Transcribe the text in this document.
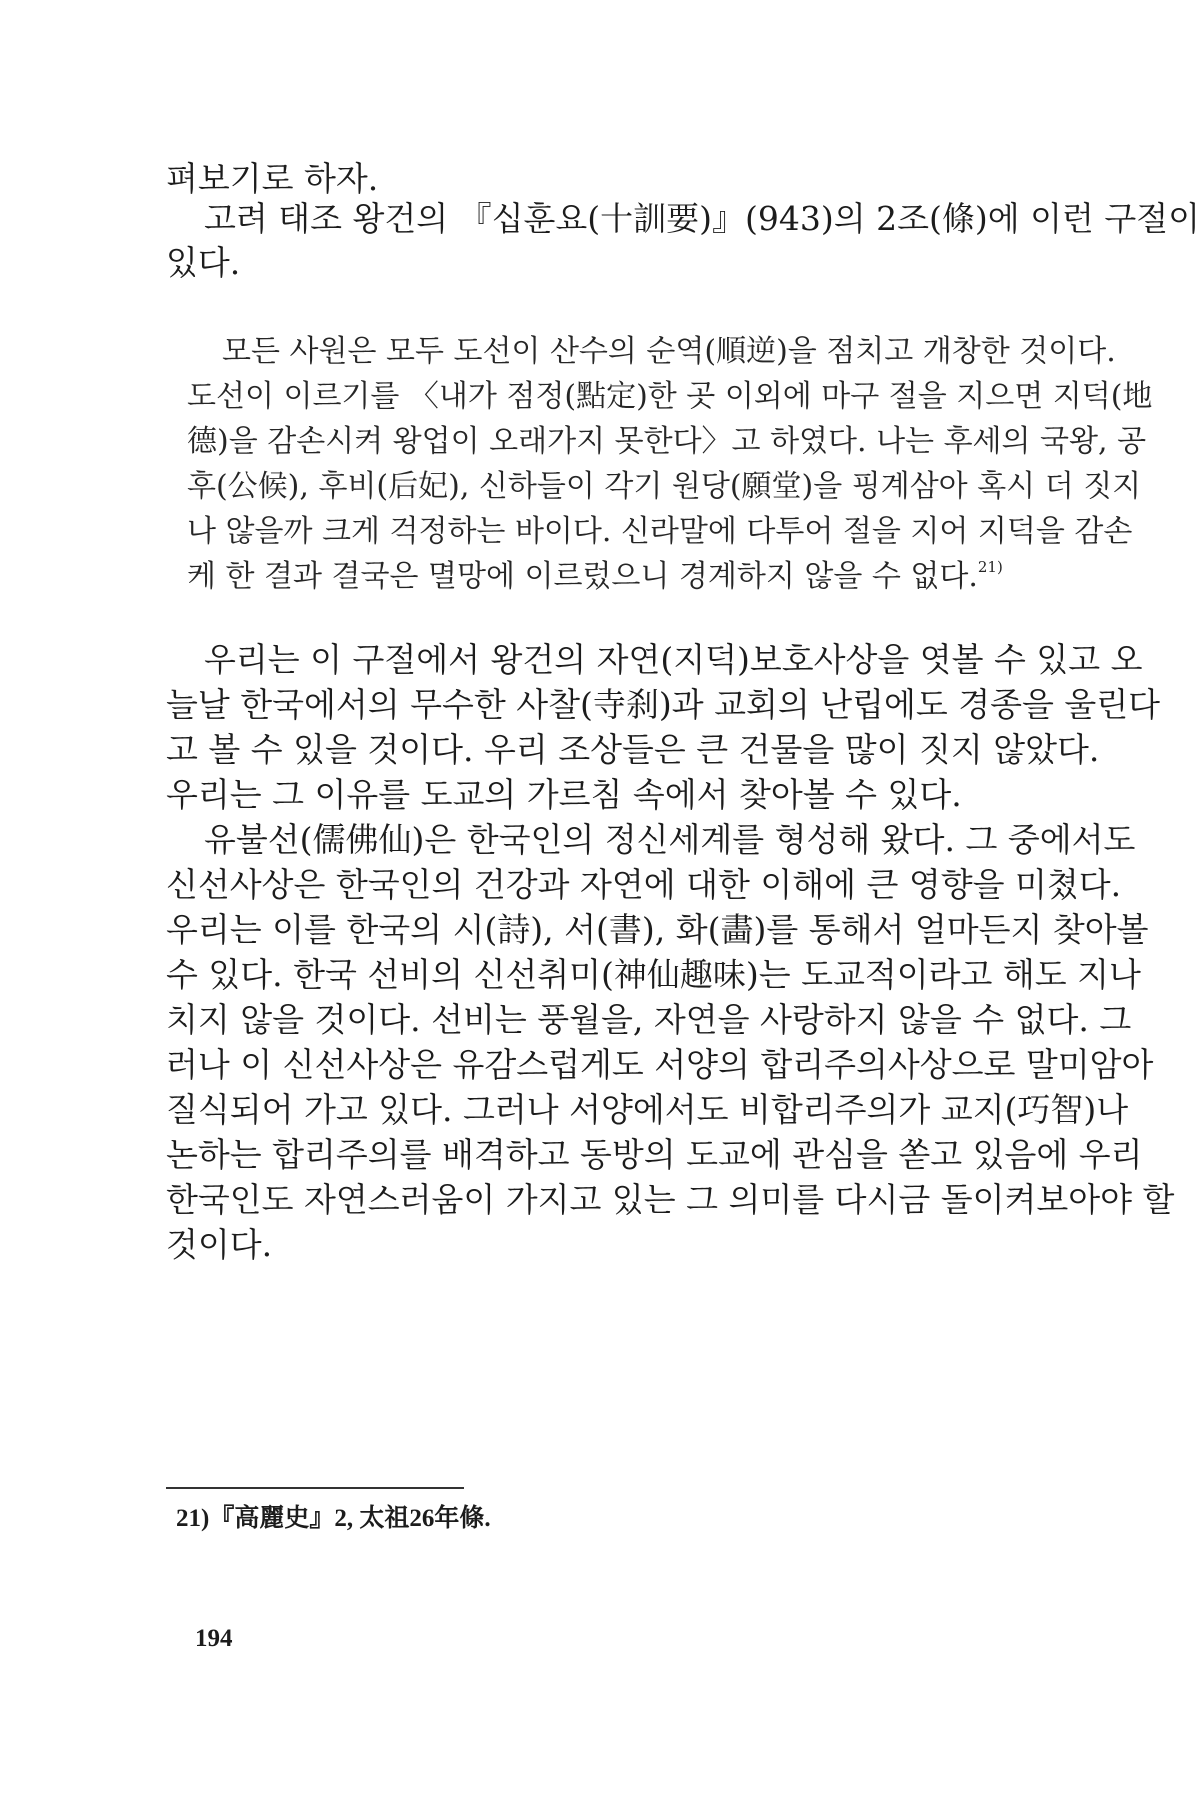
펴보기로 하자.
고려 태조 왕건의 『십훈요(十訓要)』(943)의 2조(條)에 이런 구절이
있다.
모든 사원은 모두 도선이 산수의 순역(順逆)을 점치고 개창한 것이다.
도선이 이르기를 〈내가 점정(點定)한 곳 이외에 마구 절을 지으면 지덕(地
德)을 감손시켜 왕업이 오래가지 못한다〉고 하였다. 나는 후세의 국왕, 공
후(公候), 후비(后妃), 신하들이 각기 원당(願堂)을 핑계삼아 혹시 더 짓지
나 않을까 크게 걱정하는 바이다. 신라말에 다투어 절을 지어 지덕을 감손
케 한 결과 결국은 멸망에 이르렀으니 경계하지 않을 수 없다.$^{21)}$
우리는 이 구절에서 왕건의 자연(지덕)보호사상을 엿볼 수 있고 오
늘날 한국에서의 무수한 사찰(寺刹)과 교회의 난립에도 경종을 울린다
고 볼 수 있을 것이다. 우리 조상들은 큰 건물을 많이 짓지 않았다.
우리는 그 이유를 도교의 가르침 속에서 찾아볼 수 있다.
유불선(儒佛仙)은 한국인의 정신세계를 형성해 왔다. 그 중에서도
신선사상은 한국인의 건강과 자연에 대한 이해에 큰 영향을 미쳤다.
우리는 이를 한국의 시(詩), 서(書), 화(畵)를 통해서 얼마든지 찾아볼
수 있다. 한국 선비의 신선취미(神仙趣味)는 도교적이라고 해도 지나
치지 않을 것이다. 선비는 풍월을, 자연을 사랑하지 않을 수 없다. 그
러나 이 신선사상은 유감스럽게도 서양의 합리주의사상으로 말미암아
질식되어 가고 있다. 그러나 서양에서도 비합리주의가 교지(巧智)나
논하는 합리주의를 배격하고 동방의 도교에 관심을 쏟고 있음에 우리
한국인도 자연스러움이 가지고 있는 그 의미를 다시금 돌이켜보아야 할
것이다.
21)『高麗史』2, 太祖26年條.
194
